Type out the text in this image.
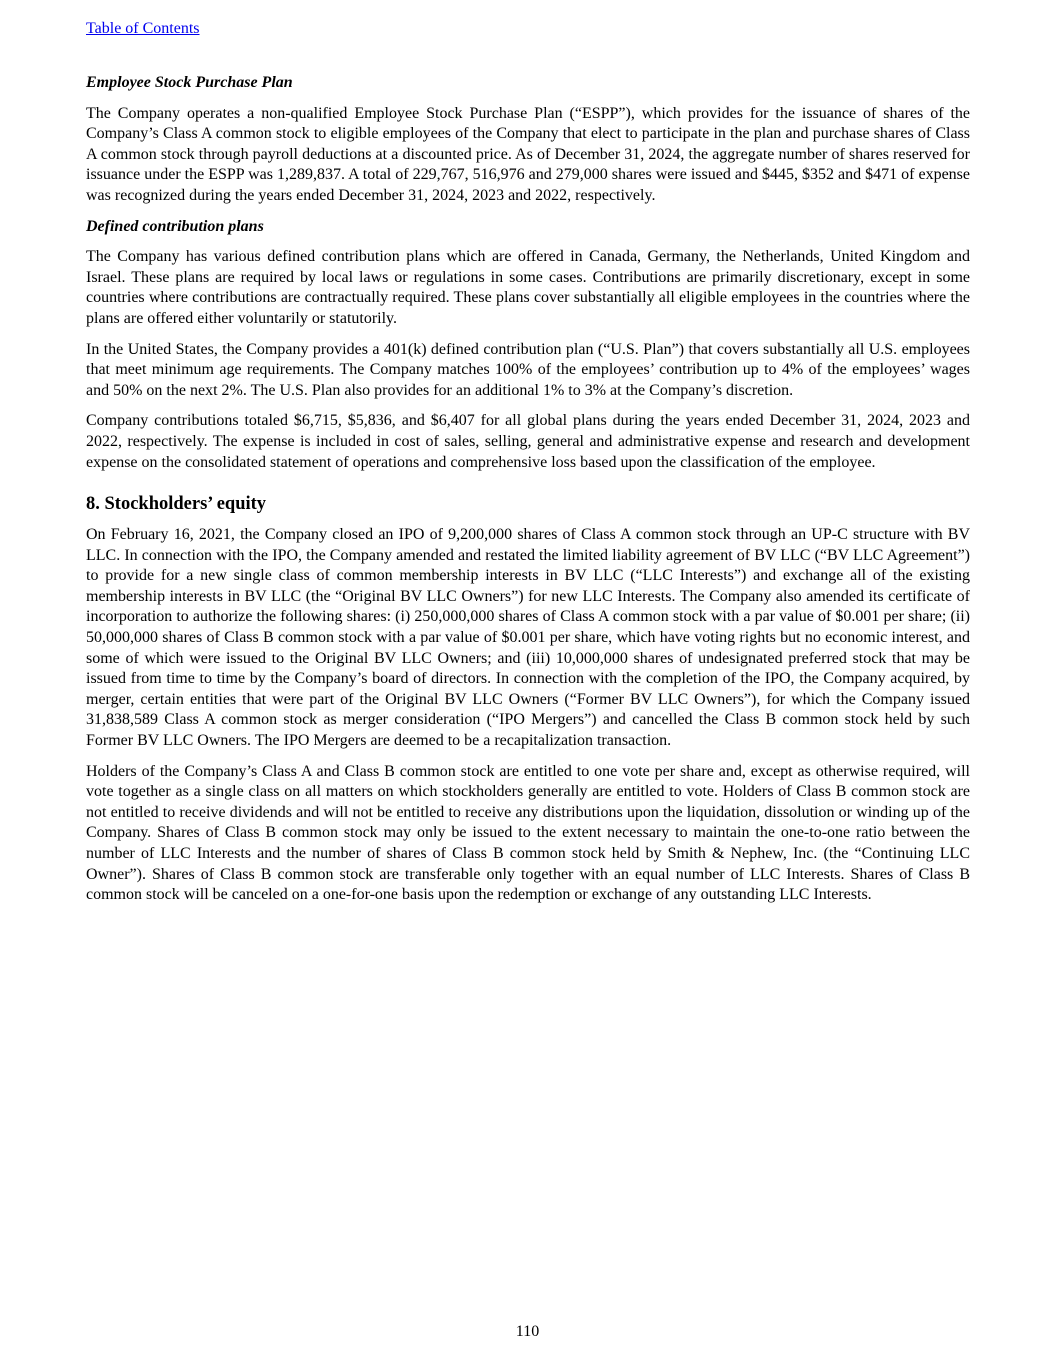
Table of Contents
Employee Stock Purchase Plan

The Company operates a non-qualified Employee Stock Purchase Plan (“ESPP”), which provides for the issuance of shares of the Company’s Class A common stock to eligible employees of the Company that elect to participate in the plan and purchase shares of Class A common stock through payroll deductions at a discounted price. As of December 31, 2024, the aggregate number of shares reserved for issuance under the ESPP was 1,289,837. A total of 229,767, 516,976 and 279,000 shares were issued and $445, $352 and $471 of expense was recognized during the years ended December 31, 2024, 2023 and 2022, respectively.

Defined contribution plans

The Company has various defined contribution plans which are offered in Canada, Germany, the Netherlands, United Kingdom and Israel. These plans are required by local laws or regulations in some cases. Contributions are primarily discretionary, except in some countries where contributions are contractually required. These plans cover substantially all eligible employees in the countries where the plans are offered either voluntarily or statutorily.

In the United States, the Company provides a 401(k) defined contribution plan (“U.S. Plan”) that covers substantially all U.S. employees that meet minimum age requirements. The Company matches 100% of the employees’ contribution up to 4% of the employees’ wages and 50% on the next 2%. The U.S. Plan also provides for an additional 1% to 3% at the Company’s discretion.

Company contributions totaled $6,715, $5,836, and $6,407 for all global plans during the years ended December 31, 2024, 2023 and 2022, respectively. The expense is included in cost of sales, selling, general and administrative expense and research and development expense on the consolidated statement of operations and comprehensive loss based upon the classification of the employee.

8. Stockholders’ equity

On February 16, 2021, the Company closed an IPO of 9,200,000 shares of Class A common stock through an UP-C structure with BV LLC. In connection with the IPO, the Company amended and restated the limited liability agreement of BV LLC (“BV LLC Agreement”) to provide for a new single class of common membership interests in BV LLC (“LLC Interests”) and exchange all of the existing membership interests in BV LLC (the “Original BV LLC Owners”) for new LLC Interests. The Company also amended its certificate of incorporation to authorize the following shares: (i) 250,000,000 shares of Class A common stock with a par value of $0.001 per share; (ii) 50,000,000 shares of Class B common stock with a par value of $0.001 per share, which have voting rights but no economic interest, and some of which were issued to the Original BV LLC Owners; and (iii) 10,000,000 shares of undesignated preferred stock that may be issued from time to time by the Company’s board of directors. In connection with the completion of the IPO, the Company acquired, by merger, certain entities that were part of the Original BV LLC Owners (“Former BV LLC Owners”), for which the Company issued 31,838,589 Class A common stock as merger consideration (“IPO Mergers”) and cancelled the Class B common stock held by such Former BV LLC Owners. The IPO Mergers are deemed to be a recapitalization transaction.

Holders of the Company’s Class A and Class B common stock are entitled to one vote per share and, except as otherwise required, will vote together as a single class on all matters on which stockholders generally are entitled to vote. Holders of Class B common stock are not entitled to receive dividends and will not be entitled to receive any distributions upon the liquidation, dissolution or winding up of the Company. Shares of Class B common stock may only be issued to the extent necessary to maintain the one-to-one ratio between the number of LLC Interests and the number of shares of Class B common stock held by Smith & Nephew, Inc. (the “Continuing LLC Owner”). Shares of Class B common stock are transferable only together with an equal number of LLC Interests. Shares of Class B common stock will be canceled on a one-for-one basis upon the redemption or exchange of any outstanding LLC Interests.

110
